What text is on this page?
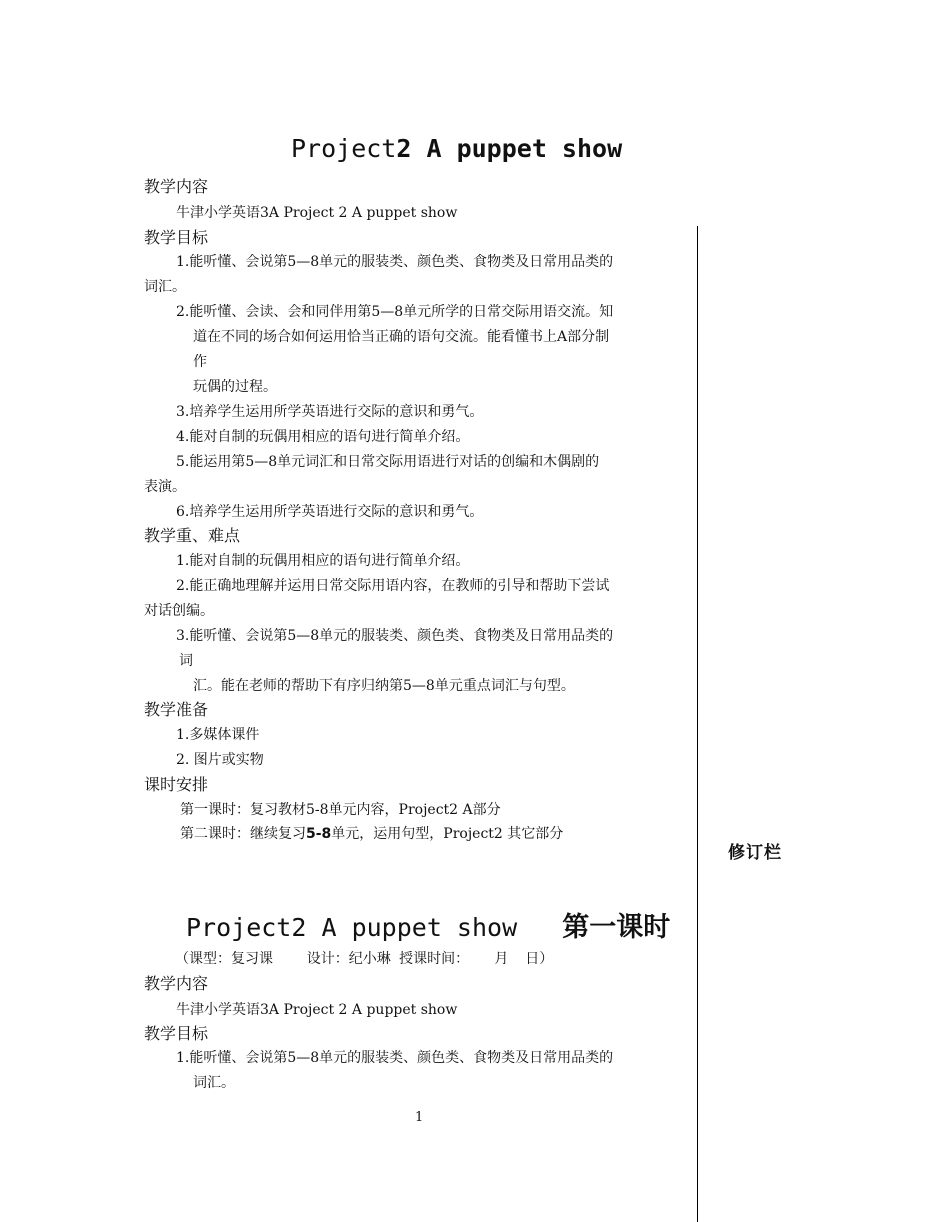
修订栏
Project2 A puppet show
教学内容
牛津小学英语3A Project 2 A puppet show
教学目标
1.能听懂、会说第5—8单元的服装类、颜色类、食物类及日常用品类的
词汇。
2.能听懂、会读、会和同伴用第5—8单元所学的日常交际用语交流。知
道在不同的场合如何运用恰当正确的语句交流。能看懂书上A部分制
作
玩偶的过程。
3.培养学生运用所学英语进行交际的意识和勇气。
4.能对自制的玩偶用相应的语句进行简单介绍。
5.能运用第5—8单元词汇和日常交际用语进行对话的创编和木偶剧的
表演。
6.培养学生运用所学英语进行交际的意识和勇气。
教学重、难点
1.能对自制的玩偶用相应的语句进行简单介绍。
2.能正确地理解并运用日常交际用语内容，在教师的引导和帮助下尝试
对话创编。
3.能听懂、会说第5—8单元的服装类、颜色类、食物类及日常用品类的
词
汇。能在老师的帮助下有序归纳第5—8单元重点词汇与句型。
教学准备
1.多媒体课件
2. 图片或实物
课时安排
第一课时：复习教材5-8单元内容，Project2 A部分
第二课时：继续复习5-8单元，运用句型，Project2 其它部分
Project2 A puppet show 第一课时
（课型：复习课    设计：纪小琳 授课时间：   月  日）
教学内容
牛津小学英语3A Project 2 A puppet show
教学目标
1.能听懂、会说第5—8单元的服装类、颜色类、食物类及日常用品类的
词汇。
1
